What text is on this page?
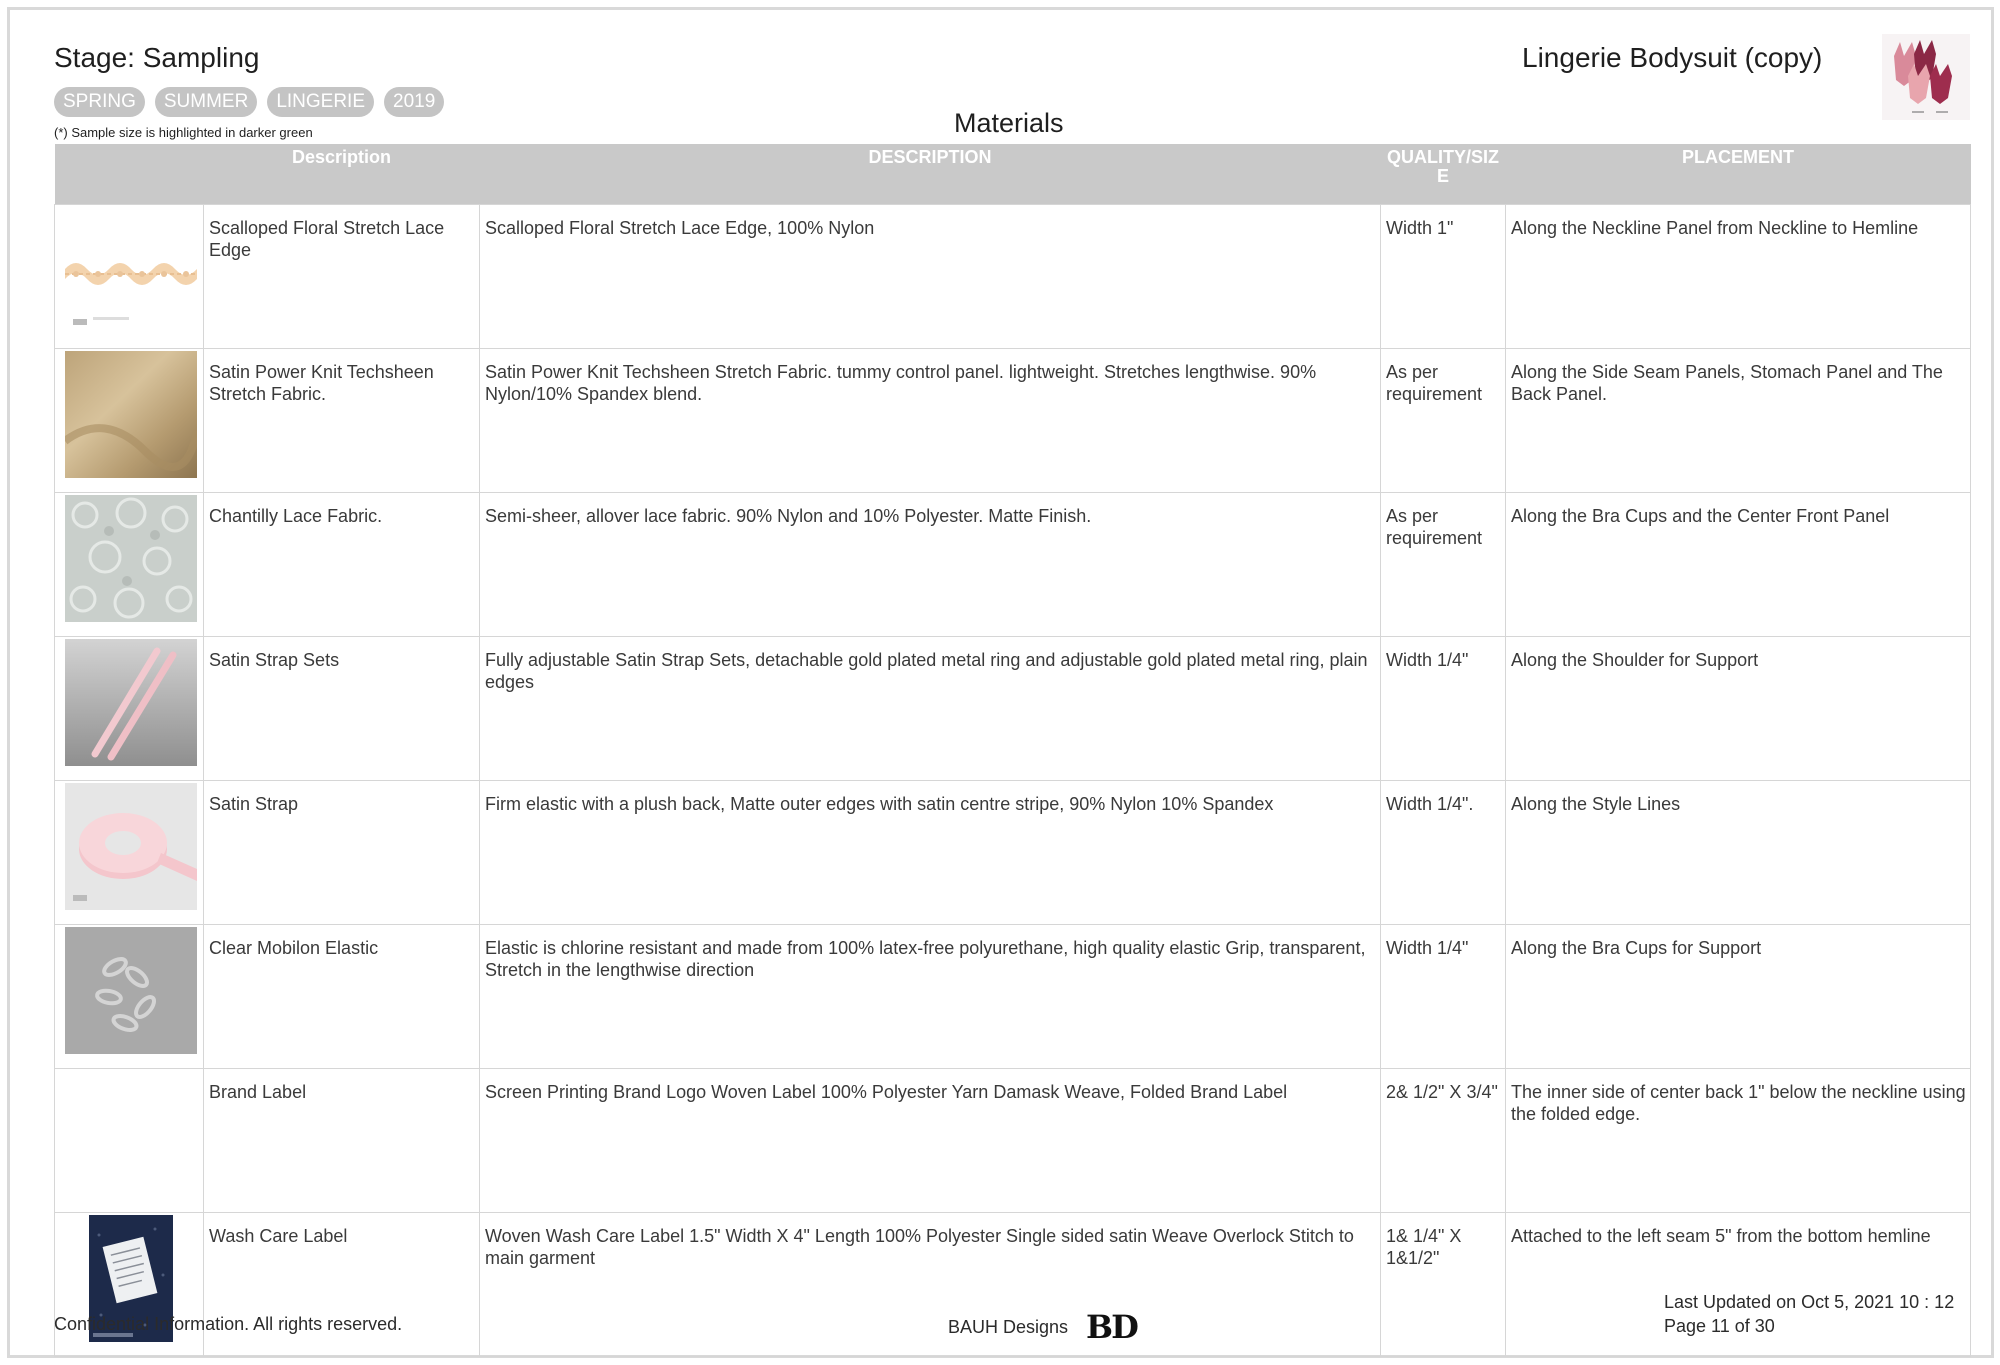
Stage: Sampling
SPRING	SUMMER	LINGERIE	2019
(*) Sample size is highlighted in darker green	Materials
Lingerie Bodysuit (copy)
	Description	DESCRIPTION	QUALITY/SIZE	PLACEMENT

	Scalloped Floral Stretch Lace Edge	Scalloped Floral Stretch Lace Edge, 100% Nylon	Width 1"	Along the Neckline Panel from Neckline to Hemline

	Satin Power Knit Techsheen Stretch Fabric.	Satin Power Knit Techsheen Stretch Fabric. tummy control panel. lightweight. Stretches lengthwise. 90% Nylon/10% Spandex blend.	As per requirement	Along the Side Seam Panels, Stomach Panel and The Back Panel.

	Chantilly Lace Fabric.	Semi-sheer, allover lace fabric. 90% Nylon and 10% Polyester. Matte Finish.	As per requirement	Along the Bra Cups and the Center Front Panel

	Satin Strap Sets	Fully adjustable Satin Strap Sets, detachable gold plated metal ring and adjustable gold plated metal ring, plain edges	Width 1/4"	Along the Shoulder for Support

	Satin Strap	Firm elastic with a plush back, Matte outer edges with satin centre stripe, 90% Nylon 10% Spandex	Width 1/4".	Along the Style Lines

	Clear Mobilon Elastic	Elastic is chlorine resistant and made from 100% latex-free polyurethane, high quality elastic Grip, transparent, Stretch in the lengthwise direction	Width 1/4"	Along the Bra Cups for Support
	Brand Label	Screen Printing Brand Logo Woven Label 100% Polyester Yarn Damask Weave, Folded Brand Label	2& 1/2" X 3/4"	The inner side of center back 1" below the neckline using the folded edge.

	Wash Care Label	Woven Wash Care Label 1.5" Width X 4" Length 100% Polyester Single sided satin Weave Overlock Stitch to main garment	1& 1/4" X 1&1/2"	Attached to the left seam 5" from the bottom hemline
Confidential Information. All rights reserved.	BAUH Designs BD
Last Updated on Oct 5, 2021 10 : 12
Page 11 of 30
